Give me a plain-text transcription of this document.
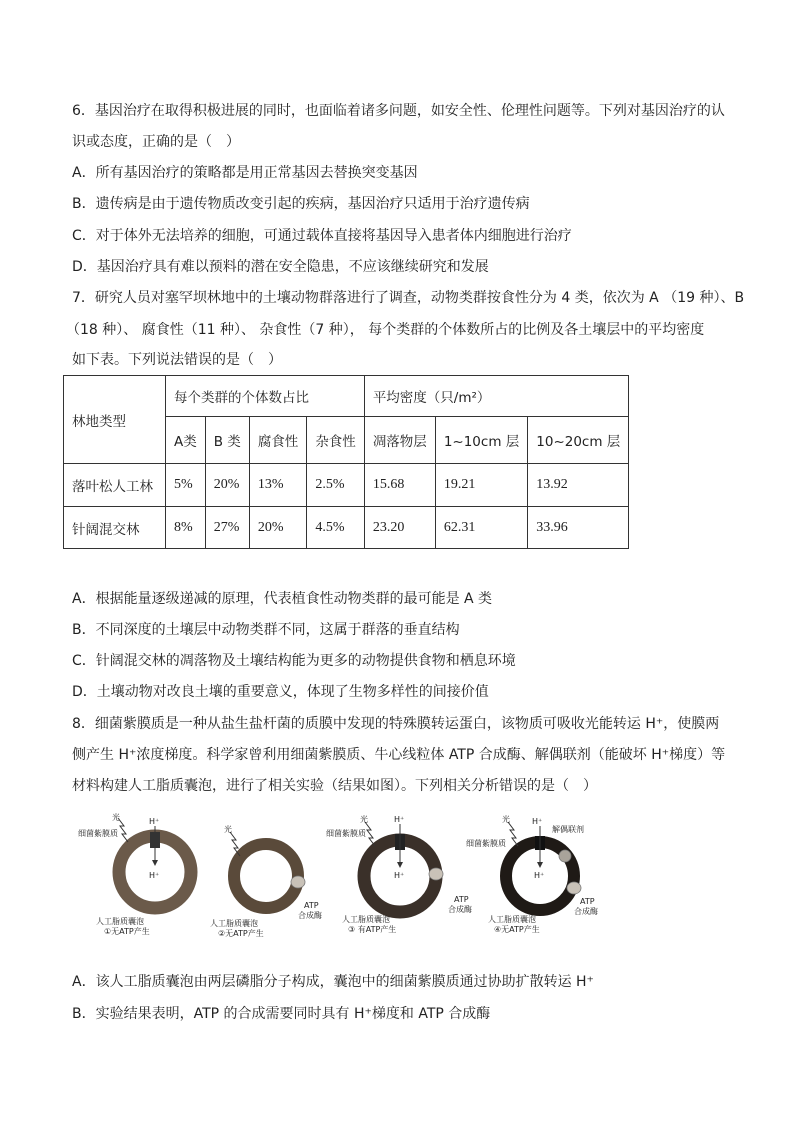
6．基因治疗在取得积极进展的同时，也面临着诸多问题，如安全性、伦理性问题等。下列对基因治疗的认
识或态度，正确的是（　）
A．所有基因治疗的策略都是用正常基因去替换突变基因
B．遗传病是由于遗传物质改变引起的疾病，基因治疗只适用于治疗遗传病
C．对于体外无法培养的细胞，可通过载体直接将基因导入患者体内细胞进行治疗
D．基因治疗具有难以预料的潜在安全隐患，不应该继续研究和发展
7．研究人员对塞罕坝林地中的土壤动物群落进行了调查，动物类群按食性分为 4 类，依次为 A （19 种）、B
（18 种）、 腐食性（11 种）、 杂食性（7 种）， 每个类群的个体数所占的比例及各土壤层中的平均密度
如下表。下列说法错误的是（　）
林地类型	每个类群的个体数占比				平均密度（只/m²）		
	A类	B 类	腐食性	杂食性	凋落物层	1~10cm 层	10~20cm 层
落叶松人工林	5%	20%	13%	2.5%	15.68	19.21	13.92
针阔混交林	8%	27%	20%	4.5%	23.20	62.31	33.96
A．根据能量逐级递减的原理，代表植食性动物类群的最可能是 A 类
B．不同深度的土壤层中动物类群不同，这属于群落的垂直结构
C．针阔混交林的凋落物及土壤结构能为更多的动物提供食物和栖息环境
D．土壤动物对改良土壤的重要意义，体现了生物多样性的间接价值
8．细菌紫膜质是一种从盐生盐杆菌的质膜中发现的特殊膜转运蛋白，该物质可吸收光能转运 H⁺，使膜两
侧产生 H⁺浓度梯度。科学家曾利用细菌紫膜质、牛心线粒体 ATP 合成酶、解偶联剂（能破坏 H⁺梯度）等
材料构建人工脂质囊泡，进行了相关实验（结果如图）。下列相关分析错误的是（　）
光	H⁺
H⁺
细菌紫膜质
人工脂质囊泡
①无ATP产生
光
ATP
合成酶
人工脂质囊泡
②无ATP产生
光	H⁺
H⁺
细菌紫膜质
ATP
合成酶
人工脂质囊泡
③ 有ATP产生
光	H⁺
H⁺
细菌紫膜质
解偶联剂
ATP
合成酶
人工脂质囊泡
④无ATP产生
A．该人工脂质囊泡由两层磷脂分子构成，囊泡中的细菌紫膜质通过协助扩散转运 H⁺
B．实验结果表明，ATP 的合成需要同时具有 H⁺梯度和 ATP 合成酶
